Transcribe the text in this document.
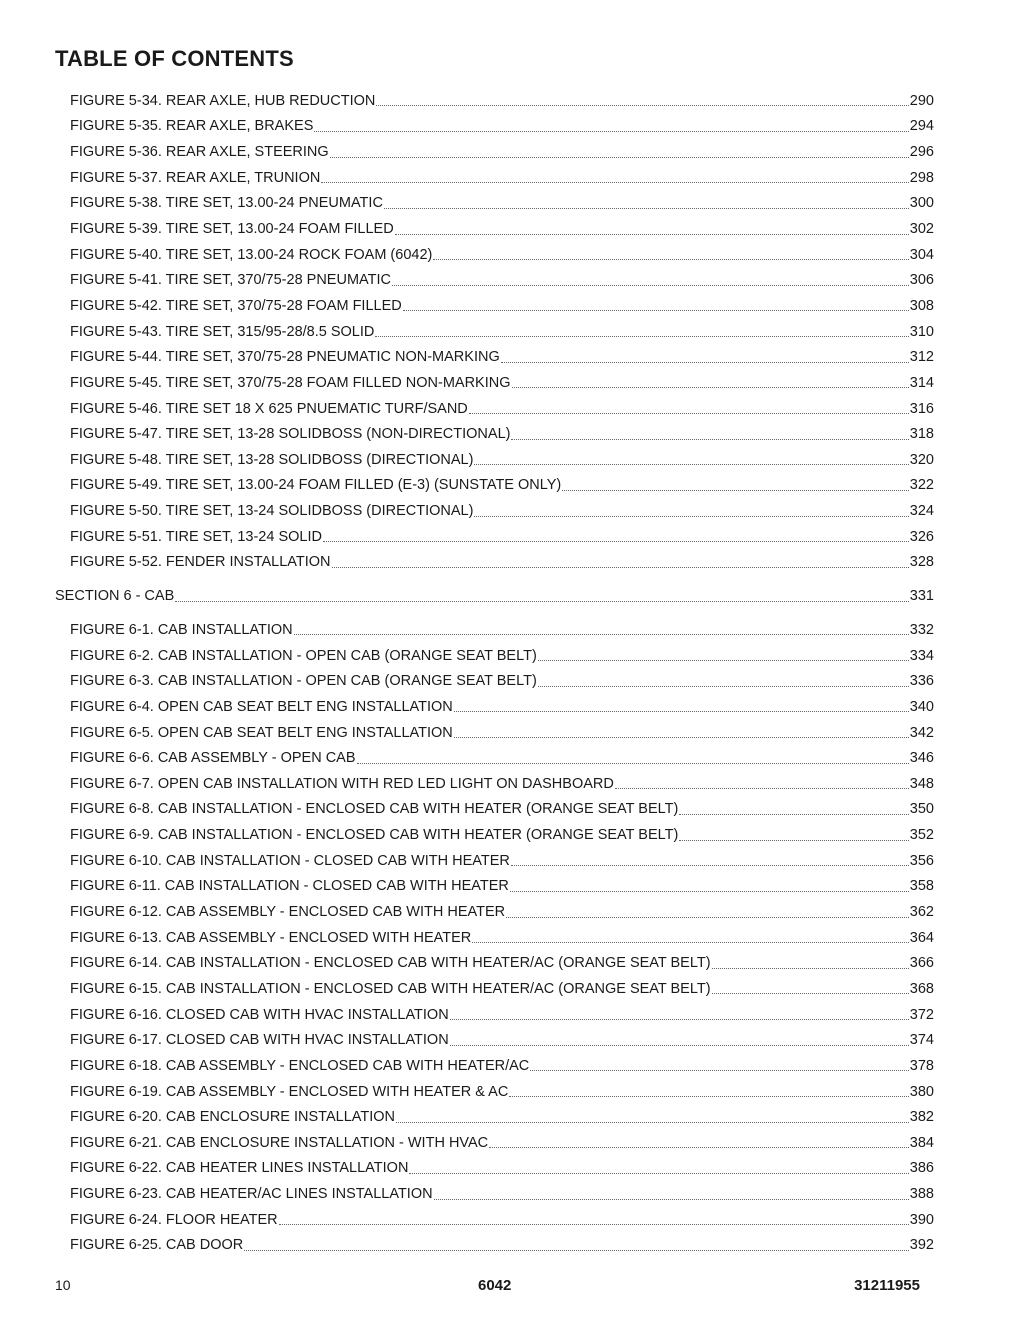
TABLE OF CONTENTS
FIGURE 5-34. REAR AXLE, HUB REDUCTION	290
FIGURE 5-35. REAR AXLE, BRAKES	294
FIGURE 5-36. REAR AXLE, STEERING	296
FIGURE 5-37. REAR AXLE, TRUNION	298
FIGURE 5-38. TIRE SET, 13.00-24 PNEUMATIC	300
FIGURE 5-39. TIRE SET, 13.00-24 FOAM FILLED	302
FIGURE 5-40. TIRE SET, 13.00-24 ROCK FOAM (6042)	304
FIGURE 5-41. TIRE SET, 370/75-28 PNEUMATIC	306
FIGURE 5-42. TIRE SET, 370/75-28 FOAM FILLED	308
FIGURE 5-43. TIRE SET, 315/95-28/8.5 SOLID	310
FIGURE 5-44. TIRE SET, 370/75-28 PNEUMATIC NON-MARKING	312
FIGURE 5-45. TIRE SET, 370/75-28 FOAM FILLED NON-MARKING	314
FIGURE 5-46. TIRE SET 18 X 625 PNUEMATIC TURF/SAND	316
FIGURE 5-47. TIRE SET, 13-28 SOLIDBOSS (NON-DIRECTIONAL)	318
FIGURE 5-48. TIRE SET, 13-28 SOLIDBOSS (DIRECTIONAL)	320
FIGURE 5-49. TIRE SET, 13.00-24 FOAM FILLED (E-3) (SUNSTATE ONLY)	322
FIGURE 5-50. TIRE SET, 13-24 SOLIDBOSS (DIRECTIONAL)	324
FIGURE 5-51. TIRE SET, 13-24 SOLID	326
FIGURE 5-52. FENDER INSTALLATION	328
SECTION 6 - CAB	331
FIGURE 6-1. CAB INSTALLATION	332
FIGURE 6-2. CAB INSTALLATION - OPEN CAB (ORANGE SEAT BELT)	334
FIGURE 6-3. CAB INSTALLATION - OPEN CAB (ORANGE SEAT BELT)	336
FIGURE 6-4. OPEN CAB SEAT BELT ENG INSTALLATION	340
FIGURE 6-5. OPEN CAB SEAT BELT ENG INSTALLATION	342
FIGURE 6-6. CAB ASSEMBLY - OPEN CAB	346
FIGURE 6-7. OPEN CAB INSTALLATION WITH RED LED LIGHT ON DASHBOARD	348
FIGURE 6-8. CAB INSTALLATION - ENCLOSED CAB WITH HEATER (ORANGE SEAT BELT)	350
FIGURE 6-9. CAB INSTALLATION - ENCLOSED CAB WITH HEATER (ORANGE SEAT BELT)	352
FIGURE 6-10. CAB INSTALLATION - CLOSED CAB WITH HEATER	356
FIGURE 6-11. CAB INSTALLATION - CLOSED CAB WITH HEATER	358
FIGURE 6-12. CAB ASSEMBLY - ENCLOSED CAB WITH HEATER	362
FIGURE 6-13. CAB ASSEMBLY - ENCLOSED WITH HEATER	364
FIGURE 6-14. CAB INSTALLATION - ENCLOSED CAB WITH HEATER/AC (ORANGE SEAT BELT)	366
FIGURE 6-15. CAB INSTALLATION - ENCLOSED CAB WITH HEATER/AC (ORANGE SEAT BELT)	368
FIGURE 6-16. CLOSED CAB WITH HVAC INSTALLATION	372
FIGURE 6-17. CLOSED CAB WITH HVAC INSTALLATION	374
FIGURE 6-18. CAB ASSEMBLY - ENCLOSED CAB WITH HEATER/AC	378
FIGURE 6-19. CAB ASSEMBLY - ENCLOSED WITH HEATER & AC	380
FIGURE 6-20. CAB ENCLOSURE INSTALLATION	382
FIGURE 6-21. CAB ENCLOSURE INSTALLATION - WITH HVAC	384
FIGURE 6-22. CAB HEATER LINES INSTALLATION	386
FIGURE 6-23. CAB HEATER/AC LINES INSTALLATION	388
FIGURE 6-24. FLOOR HEATER	390
FIGURE 6-25. CAB DOOR	392
10	6042	31211955
